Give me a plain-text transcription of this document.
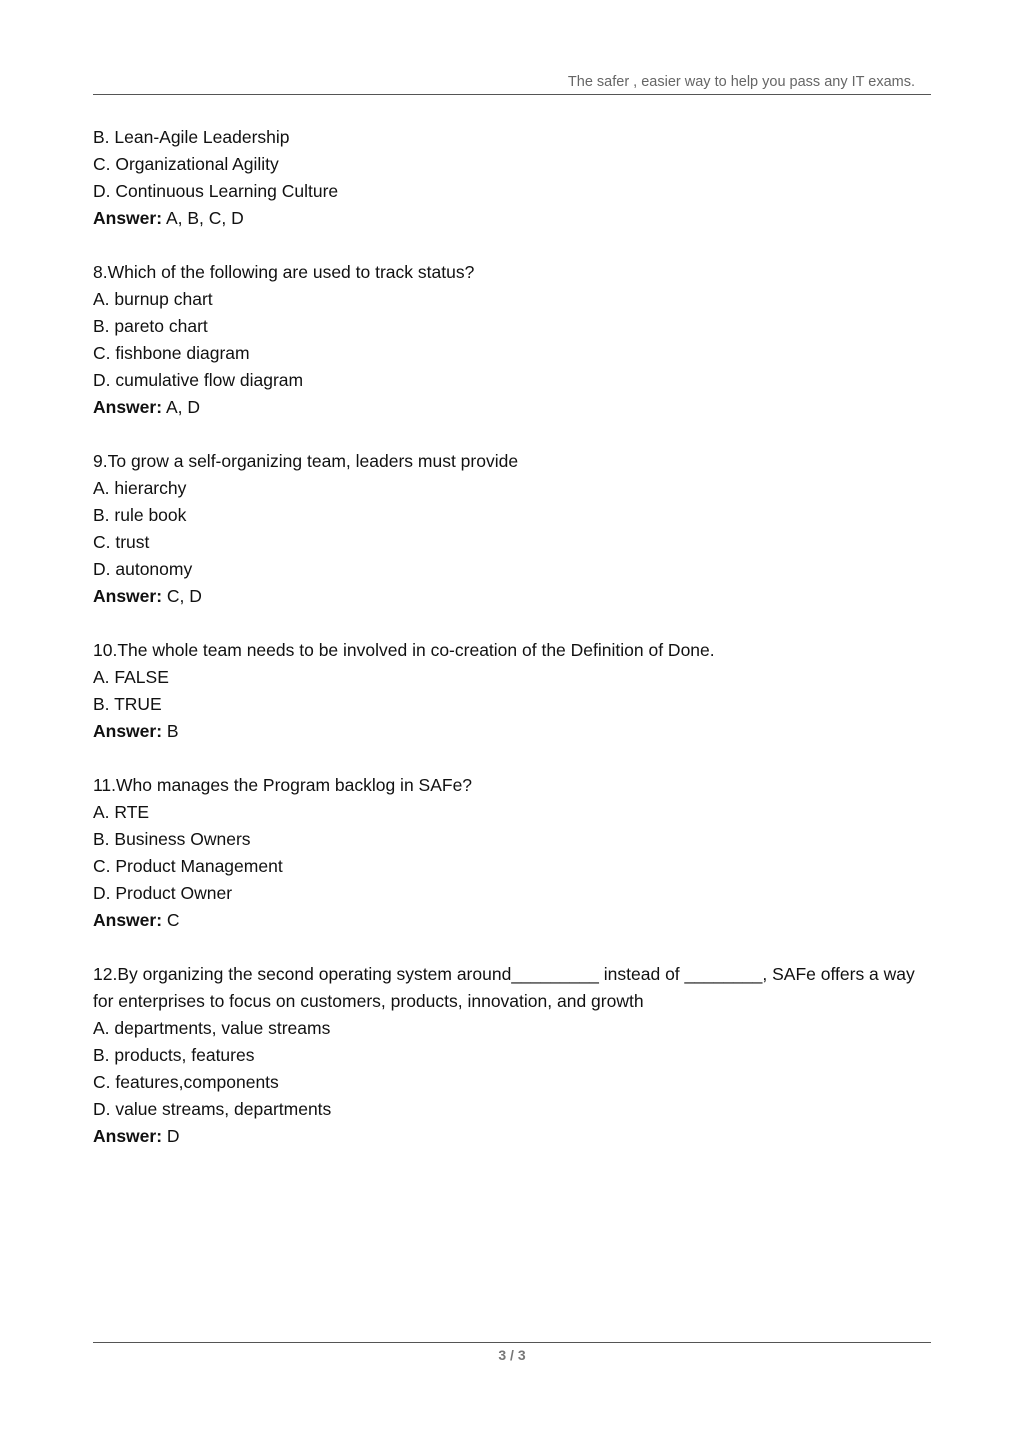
The safer , easier way to help you pass any IT exams.

B. Lean-Agile Leadership

C. Organizational Agility

D. Continuous Learning Culture

Answer: A, B, C, D

8.Which of the following are used to track status?

A. burnup chart

B. pareto chart

C. fishbone diagram

D. cumulative flow diagram

Answer: A, D

9.To grow a self-organizing team, leaders must provide

A. hierarchy

B. rule book

C. trust

D. autonomy

Answer: C, D

10.The whole team needs to be involved in co-creation of the Definition of Done.

A. FALSE

B. TRUE

Answer: B

11.Who manages the Program backlog in SAFe?

A. RTE

B. Business Owners

C. Product Management

D. Product Owner

Answer: C

12.By organizing the second operating system around_________ instead of ________, SAFe offers a way for enterprises to focus on customers, products, innovation, and growth

A. departments, value streams

B. products, features

C. features,components

D. value streams, departments

Answer: D

3 / 3
